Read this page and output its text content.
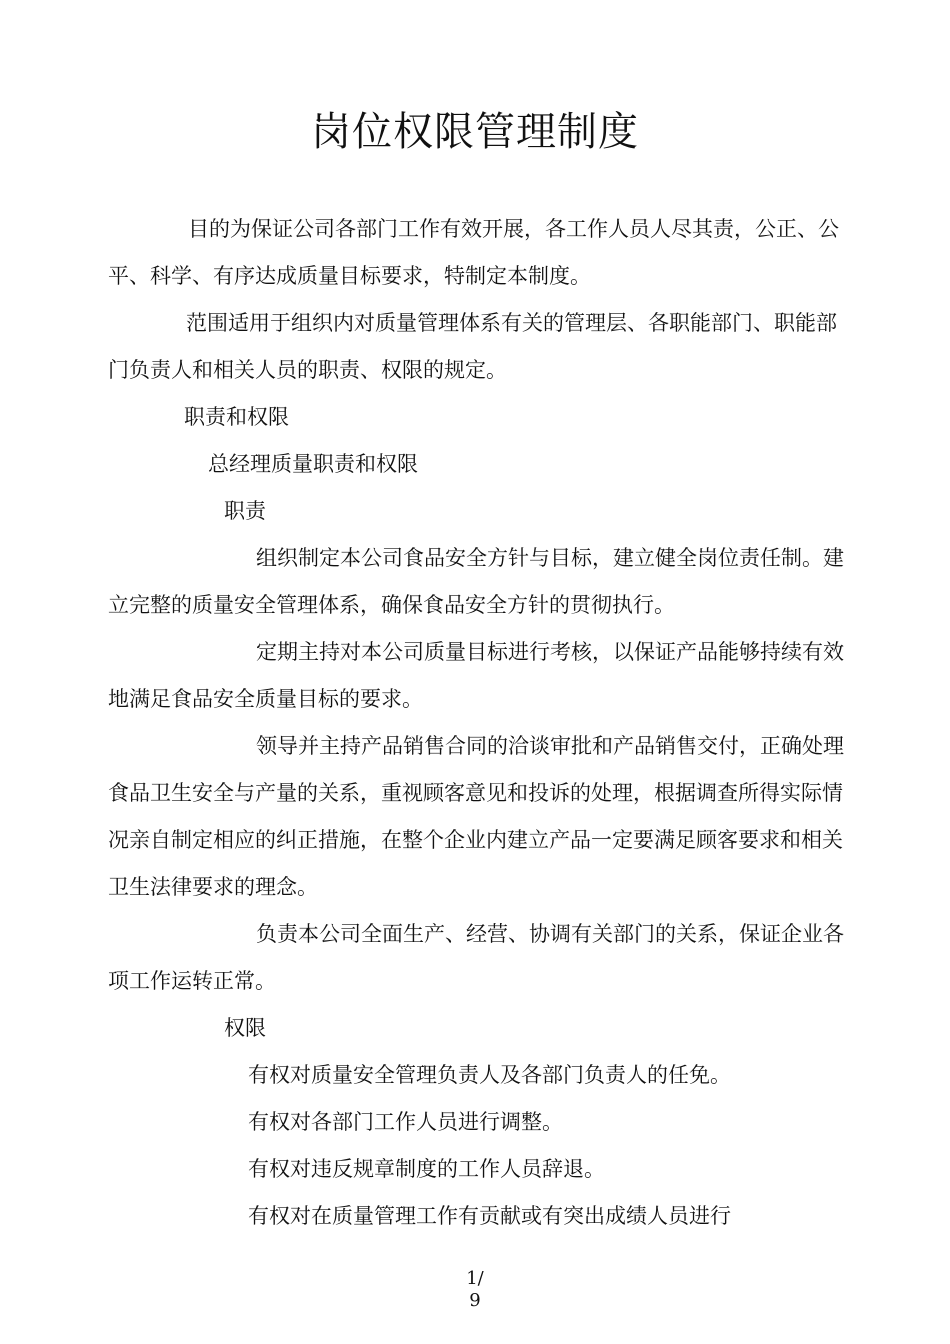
岗位权限管理制度

目的为保证公司各部门工作有效开展，各工作人员人尽其责，公正、公平、科学、有序达成质量目标要求，特制定本制度。

范围适用于组织内对质量管理体系有关的管理层、各职能部门、职能部门负责人和相关人员的职责、权限的规定。

职责和权限

总经理质量职责和权限

职责

组织制定本公司食品安全方针与目标，建立健全岗位责任制。建立完整的质量安全管理体系，确保食品安全方针的贯彻执行。

定期主持对本公司质量目标进行考核，以保证产品能够持续有效地满足食品安全质量目标的要求。

领导并主持产品销售合同的洽谈审批和产品销售交付，正确处理食品卫生安全与产量的关系，重视顾客意见和投诉的处理，根据调查所得实际情况亲自制定相应的纠正措施，在整个企业内建立产品一定要满足顾客要求和相关卫生法律要求的理念。

负责本公司全面生产、经营、协调有关部门的关系，保证企业各项工作运转正常。

权限

有权对质量安全管理负责人及各部门负责人的任免。

有权对各部门工作人员进行调整。

有权对违反规章制度的工作人员辞退。

有权对在质量管理工作有贡献或有突出成绩人员进行

1/
9
